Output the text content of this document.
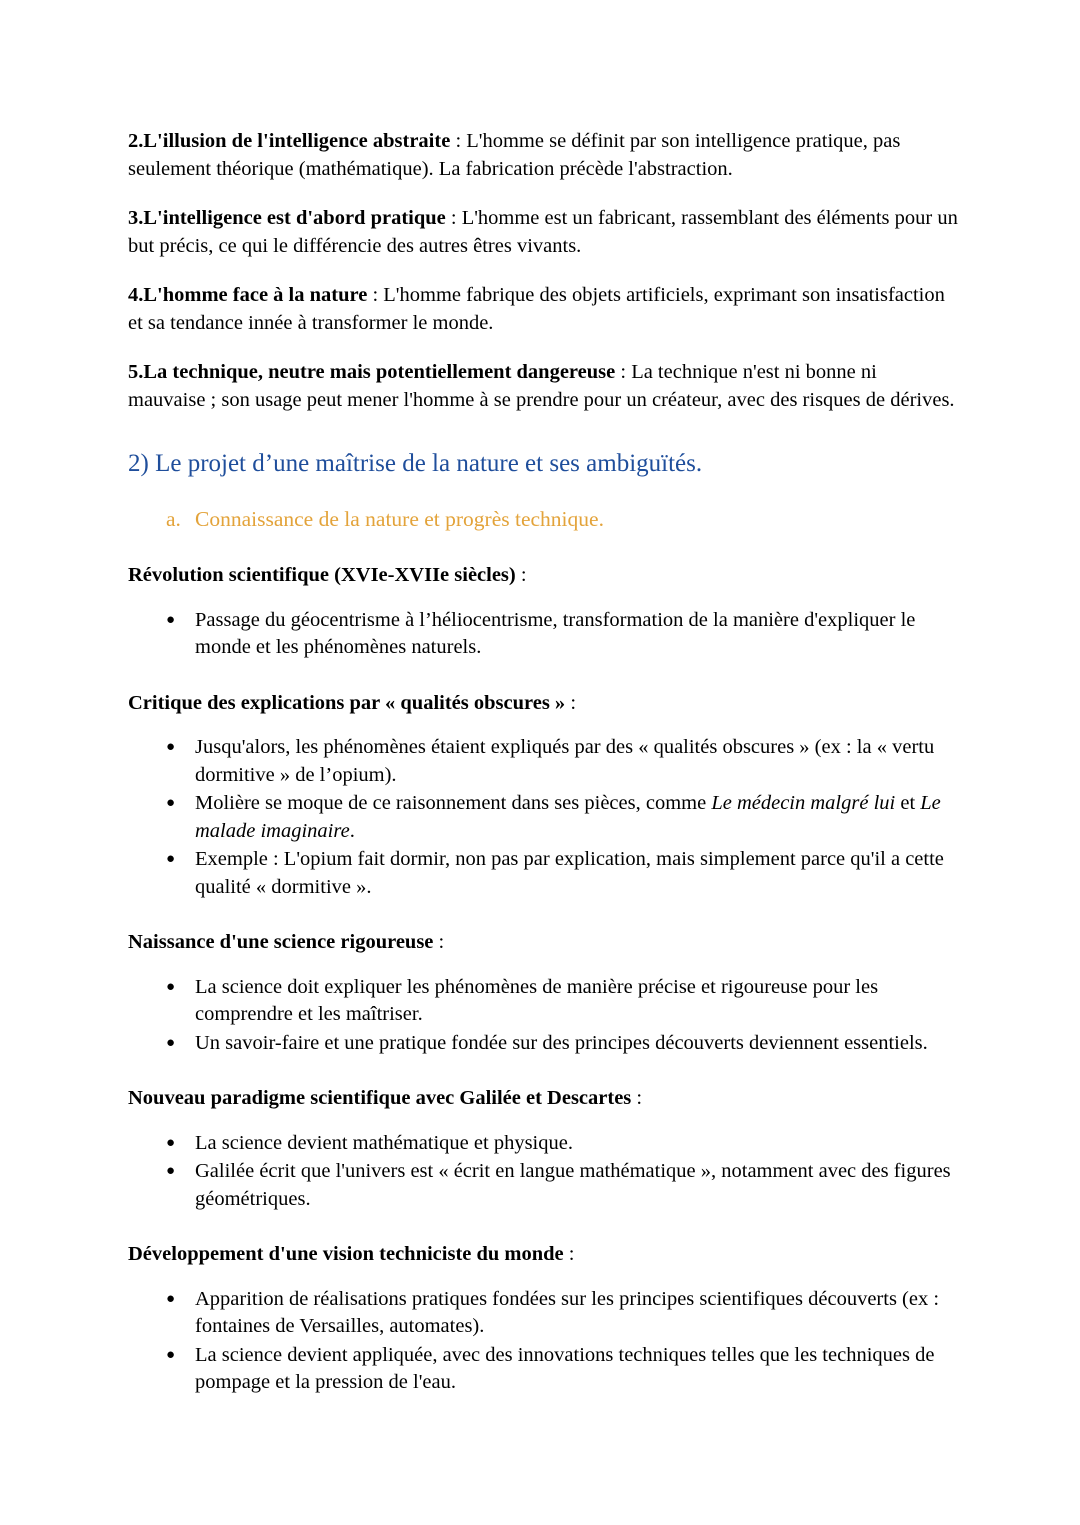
2.L'illusion de l'intelligence abstraite : L'homme se définit par son intelligence pratique, pas seulement théorique (mathématique). La fabrication précède l'abstraction.

3.L'intelligence est d'abord pratique : L'homme est un fabricant, rassemblant des éléments pour un but précis, ce qui le différencie des autres êtres vivants.

4.L'homme face à la nature : L'homme fabrique des objets artificiels, exprimant son insatisfaction et sa tendance innée à transformer le monde.

5.La technique, neutre mais potentiellement dangereuse : La technique n'est ni bonne ni mauvaise ; son usage peut mener l'homme à se prendre pour un créateur, avec des risques de dérives.

2) Le projet d’une maîtrise de la nature et ses ambiguïtés.
a. Connaissance de la nature et progrès technique.

Révolution scientifique (XVIe-XVIIe siècles) :

● Passage du géocentrisme à l’héliocentrisme, transformation de la manière d'expliquer le monde et les phénomènes naturels.

Critique des explications par « qualités obscures » :

● Jusqu'alors, les phénomènes étaient expliqués par des « qualités obscures » (ex : la « vertu dormitive » de l’opium).
● Molière se moque de ce raisonnement dans ses pièces, comme Le médecin malgré lui et Le malade imaginaire.
● Exemple : L'opium fait dormir, non pas par explication, mais simplement parce qu'il a cette qualité « dormitive ».

Naissance d'une science rigoureuse :

● La science doit expliquer les phénomènes de manière précise et rigoureuse pour les comprendre et les maîtriser.
● Un savoir-faire et une pratique fondée sur des principes découverts deviennent essentiels.

Nouveau paradigme scientifique avec Galilée et Descartes :

● La science devient mathématique et physique.
● Galilée écrit que l'univers est « écrit en langue mathématique », notamment avec des figures géométriques.

Développement d'une vision techniciste du monde :

● Apparition de réalisations pratiques fondées sur les principes scientifiques découverts (ex : fontaines de Versailles, automates).
● La science devient appliquée, avec des innovations techniques telles que les techniques de pompage et la pression de l'eau.
